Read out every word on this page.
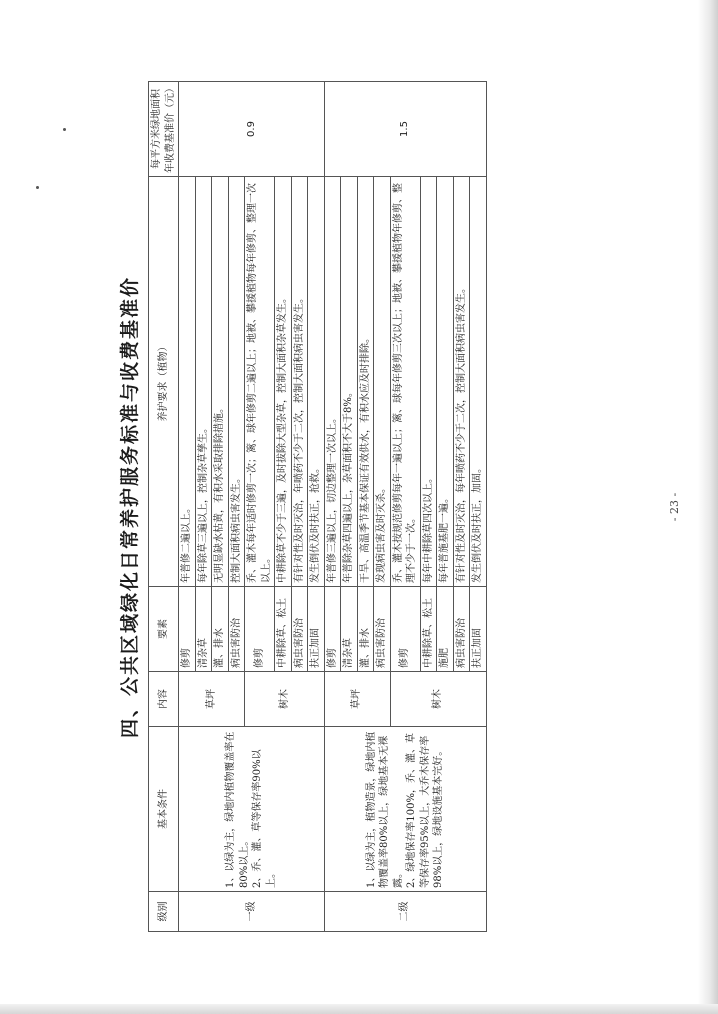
四、公共区域绿化日常养护服务标准与收费基准价
级别	基本条件	内容	要素	养护要求（植物）	每平方米绿地面积年收费基准价（元）
一级	1、以绿为主，绿地内植物覆盖率在80%以上。
2、乔、灌、草等保存率90%以上。	草坪	修剪	年普修二遍以上。	0.9
			清杂草	每年除草三遍以上，控制杂草孳生。	
			灌、排水	无明显缺水枯黄，有积水采取排除措施。	
			病虫害防治	控制大面积病虫害发生。	
		树木	修剪	乔、灌木每年适时修剪一次；篱、球年修剪二遍以上；地被、攀援植物每年修剪、整理一次以上。	
			中耕除草、松土	中耕除草不少于三遍，及时拔除大型杂草，控制大面积杂草发生。	
			病虫害防治	有针对性及时灭治，年喷药不少于二次，控制大面积病虫害发生。	
			扶正加固	发生倒伏及时扶正，抢救。	
二级	1、以绿为主，植物造景，绿地内植物覆盖率80%以上，绿地基本无裸露。
2、绿地保存率100%，乔、灌、草等保存率95%以上，大乔木保存率98%以上，绿地设施基本完好。	草坪	修剪	年普修三遍以上，切边整理一次以上。	1.5
			清杂草	年普除杂草四遍以上，杂草面积不大于8%。	
			灌、排水	干旱、高温季节基本保证有效供水，有积水应及时排除。	
			病虫害防治	发现病虫害及时灭杀。	
		树木	修剪	乔、灌木按规范修剪每年一遍以上；篱、球每年修剪三次以上；地被、攀援植物年修剪、整理不少于一次。	
			中耕除草、松土	每年中耕除草四次以上。	
			施肥	每年普施基肥一遍。	
			病虫害防治	有针对性及时灭治，每年喷药不少于二次，控制大面积病虫害发生。	
			扶正加固	发生倒伏及时扶正，加固。		- 23 -
